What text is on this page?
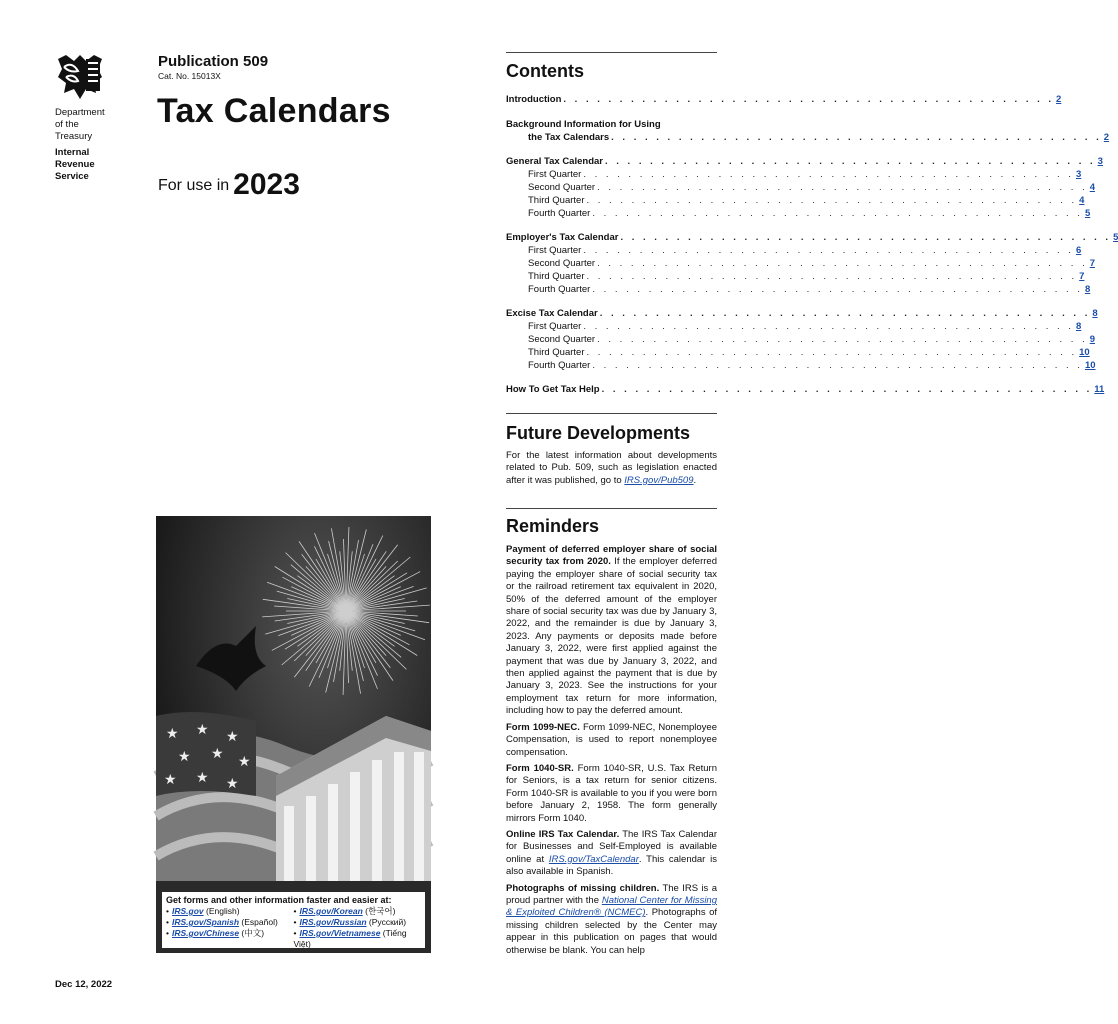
Department
of the
Treasury
Internal
Revenue
Service
Publication 509
Cat. No. 15013X
Tax Calendars
For use in 2023
★ ★ ★
★ ★ ★
★ ★ ★
Get forms and other information faster and easier at:
• IRS.gov (English)
• IRS.gov/Spanish (Español)
• IRS.gov/Chinese (中文)
• IRS.gov/Korean (한국어)
• IRS.gov/Russian (Русский)
• IRS.gov/Vietnamese (Tiếng Việt)
Dec 12, 2022
Contents
Introduction . . .	2
Background Information for Using
the Tax Calendars . . .	2
General Tax Calendar . . .	3
First Quarter . . .	3
Second Quarter . . .	4
Third Quarter . . .	4
Fourth Quarter . . .	5
Employer's Tax Calendar . . .	5
First Quarter . . .	6
Second Quarter . . .	7
Third Quarter . . .	7
Fourth Quarter . . .	8
Excise Tax Calendar . . .	8
First Quarter . . .	8
Second Quarter . . .	9
Third Quarter . . .	10
Fourth Quarter . . .	10
How To Get Tax Help . . .	11
Future Developments
For the latest information about developments related to Pub. 509, such as legislation enacted after it was published, go to IRS.gov/Pub509.
Reminders

Payment of deferred employer share of social security tax from 2020. If the employer deferred paying the employer share of social security tax or the railroad retirement tax equivalent in 2020, 50% of the deferred amount of the employer share of social security tax was due by January 3, 2022, and the remainder is due by January 3, 2023. Any payments or deposits made before January 3, 2022, were first applied against the payment that was due by January 3, 2022, and then applied against the payment that is due by January 3, 2023. See the instructions for your employment tax return for more information, including how to pay the deferred amount.

Form 1099-NEC. Form 1099-NEC, Nonemployee Compensation, is used to report nonemployee compensation.

Form 1040-SR. Form 1040-SR, U.S. Tax Return for Seniors, is a tax return for senior citizens. Form 1040-SR is available to you if you were born before January 2, 1958. The form generally mirrors Form 1040.

Online IRS Tax Calendar. The IRS Tax Calendar for Businesses and Self-Employed is available online at IRS.gov/TaxCalendar. This calendar is also available in Spanish.

Photographs of missing children. The IRS is a proud partner with the National Center for Missing & Exploited Children® (NCMEC). Photographs of missing children selected by the Center may appear in this publication on pages that would otherwise be blank. You can help
